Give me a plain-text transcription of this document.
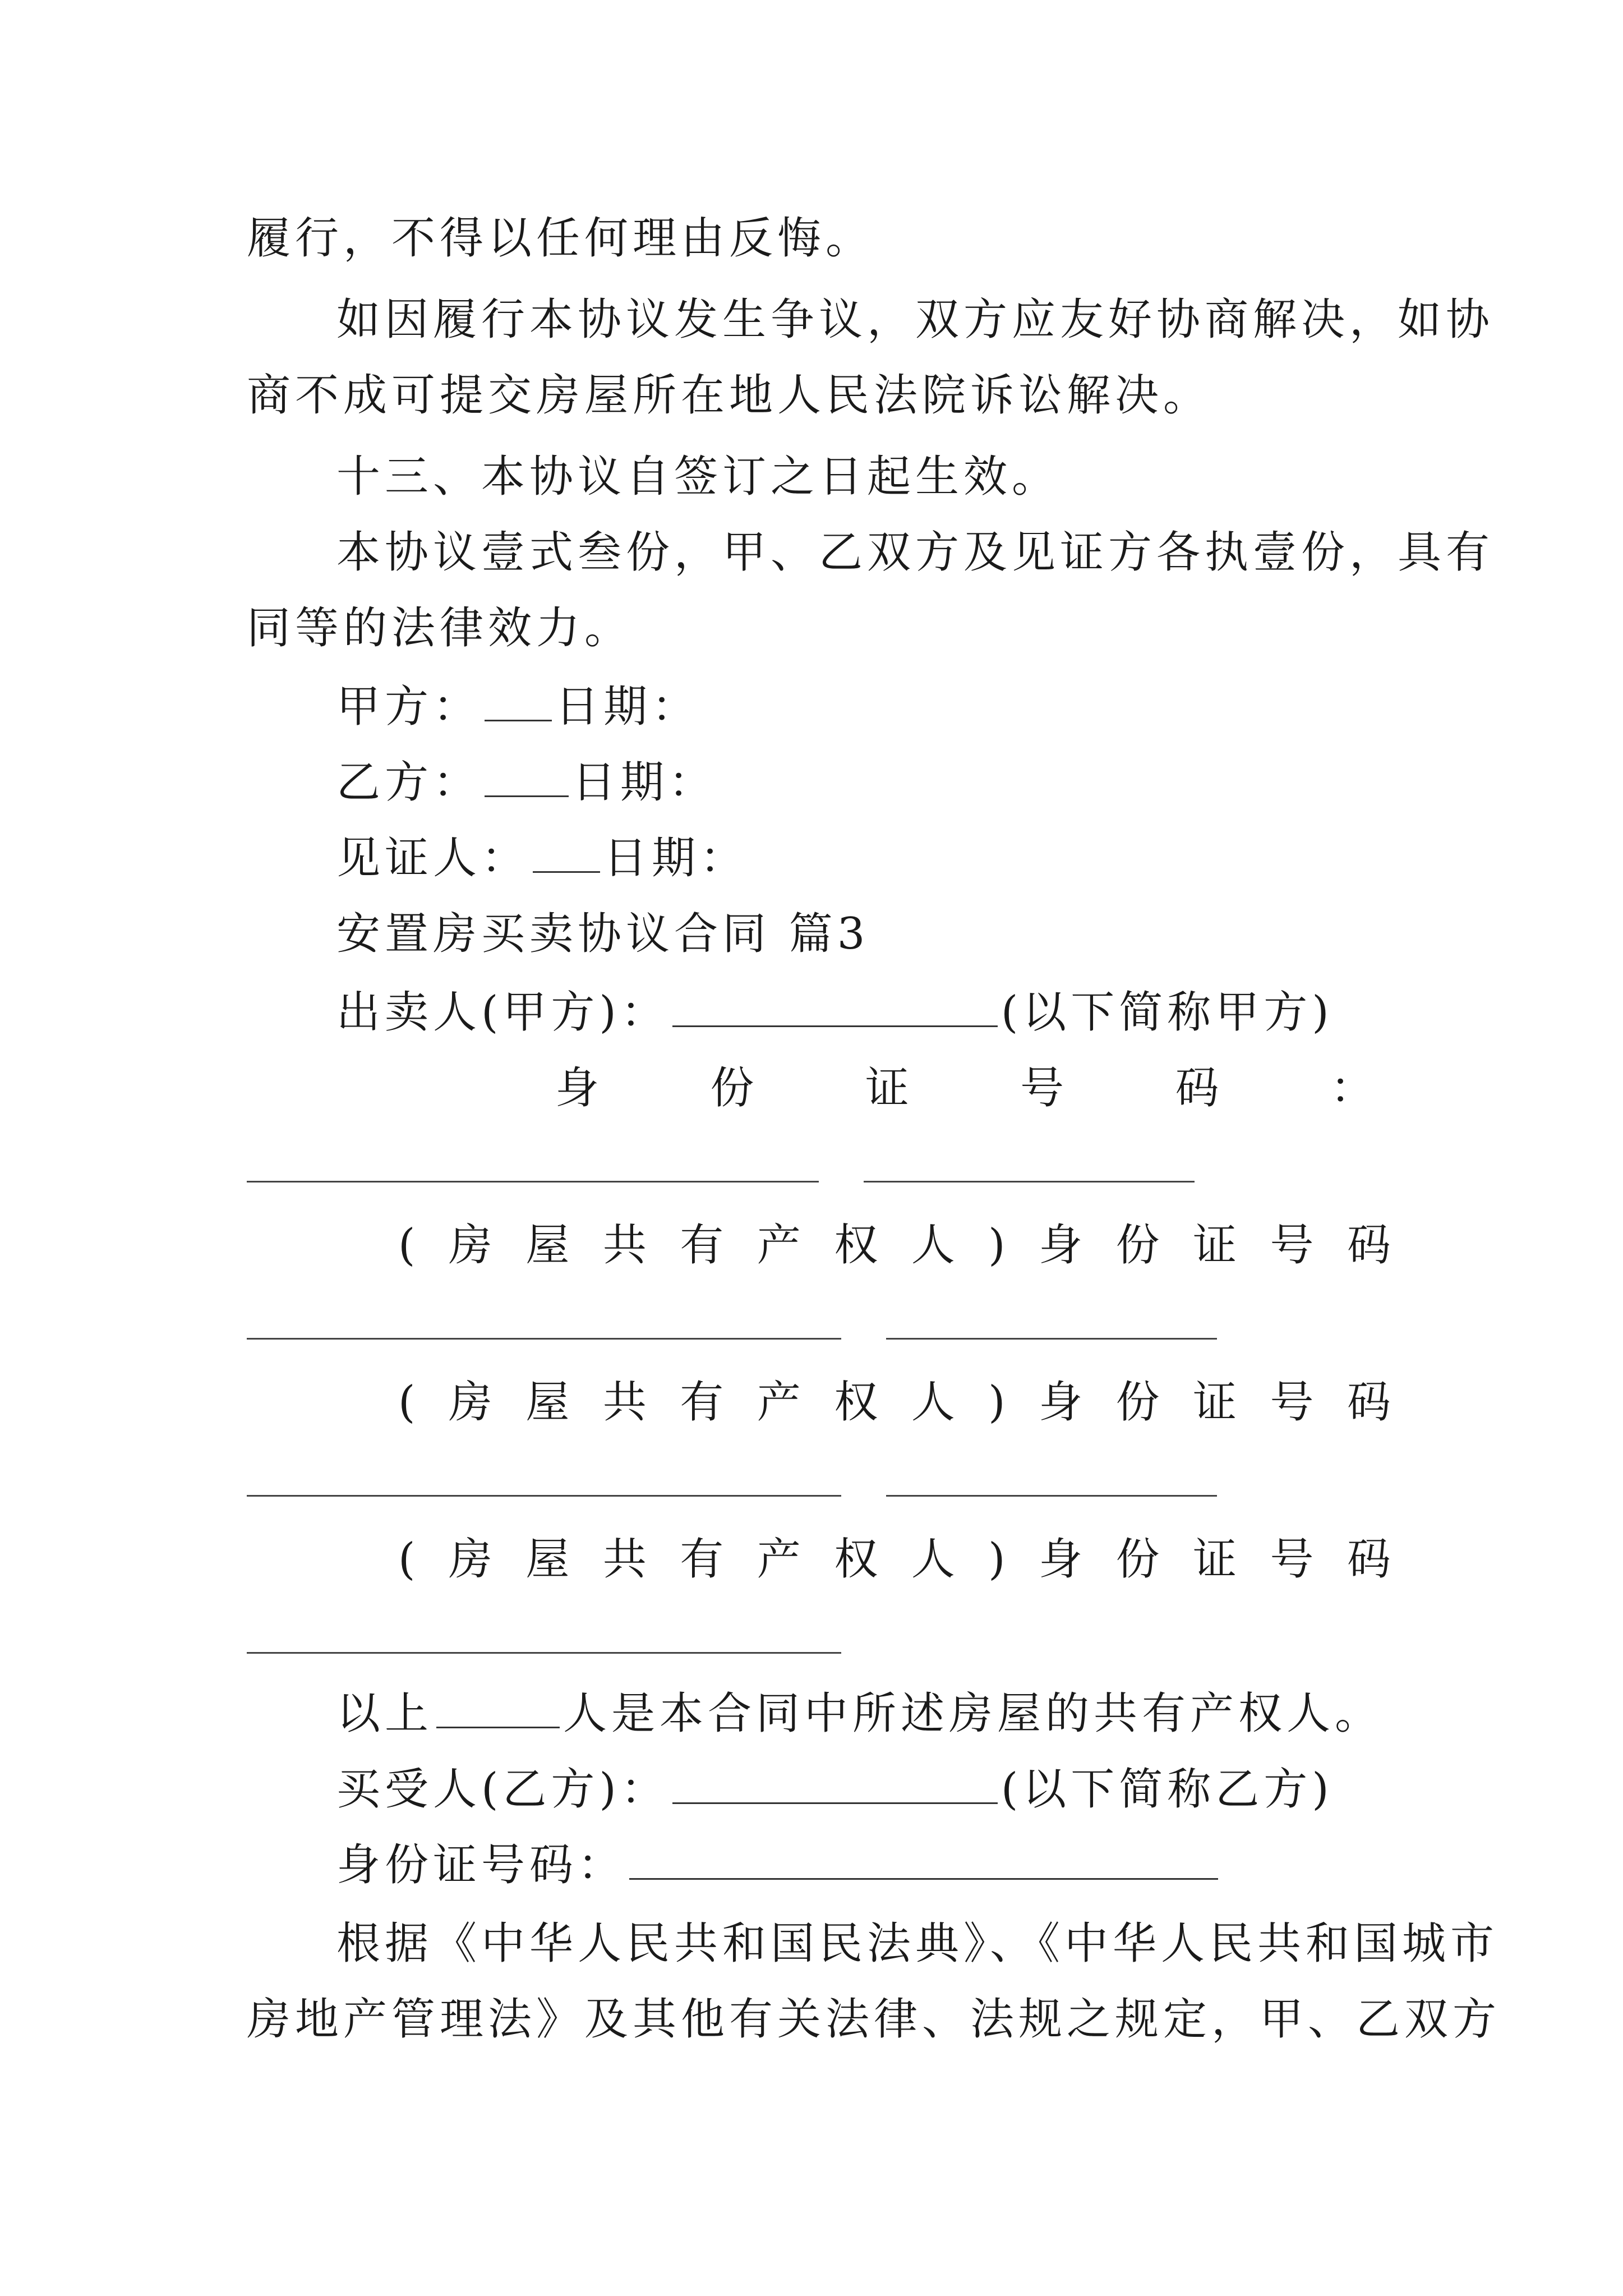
履行，不得以任何理由反悔。
如因履行本协议发生争议，双方应友好协商解决，如协
商不成可提交房屋所在地人民法院诉讼解决。
十三、本协议自签订之日起生效。
本协议壹式叁份，甲、乙双方及见证方各执壹份，具有
同等的法律效力。
甲方： 日期：
乙方： 日期：
见证人： 日期：
安置房买卖协议合同 篇3
出卖人(甲方)：	(以下简称甲方)
身	份	证	号	码	：
( 房 屋 共 有 产 权 人 ) 身 份 证 号 码
( 房 屋 共 有 产 权 人 ) 身 份 证 号 码
( 房 屋 共 有 产 权 人 ) 身 份 证 号 码
以上	人是本合同中所述房屋的共有产权人。
买受人(乙方)：	(以下简称乙方)
身份证号码：
根据《中华人民共和国民法典》、《中华人民共和国城市
房地产管理法》及其他有关法律、法规之规定，甲、乙双方
